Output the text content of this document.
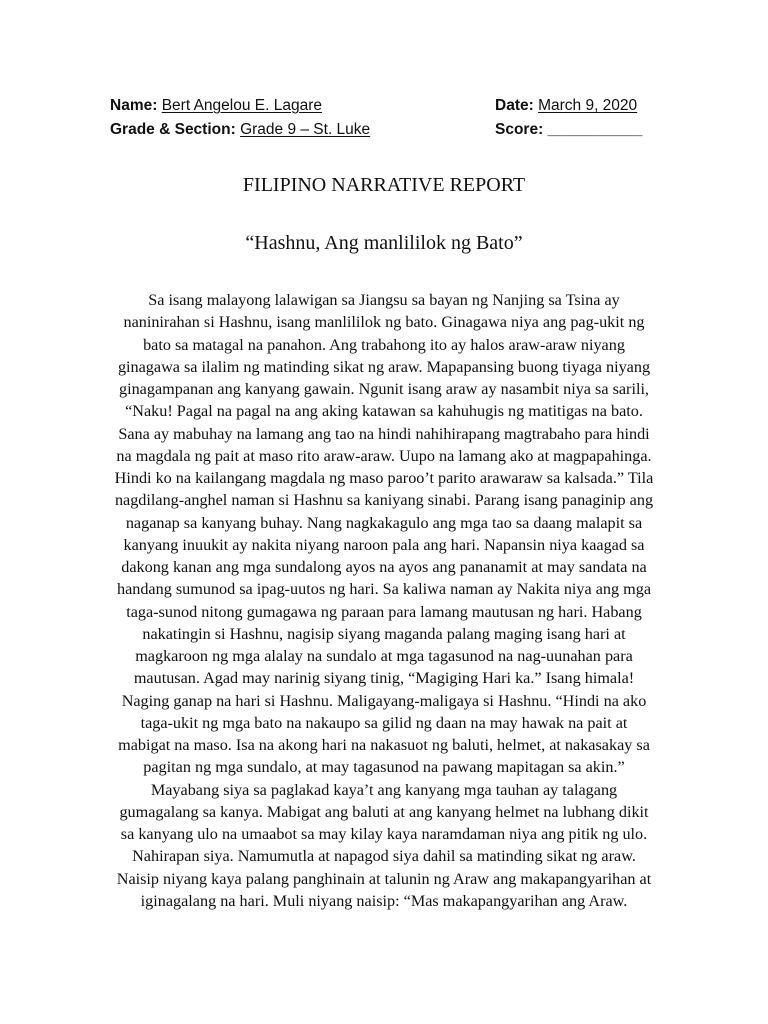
Name: Bert Angelou E. Lagare
Grade & Section: Grade 9 – St. Luke
Date: March 9, 2020
Score: ___________
FILIPINO NARRATIVE REPORT
“Hashnu, Ang manlililok ng Bato”

Sa isang malayong lalawigan sa Jiangsu sa bayan ng Nanjing sa Tsina ay
naninirahan si Hashnu, isang manlililok ng bato. Ginagawa niya ang pag-ukit ng
bato sa matagal na panahon. Ang trabahong ito ay halos araw-araw niyang
ginagawa sa ilalim ng matinding sikat ng araw. Mapapansing buong tiyaga niyang
ginagampanan ang kanyang gawain. Ngunit isang araw ay nasambit niya sa sarili,
“Naku! Pagal na pagal na ang aking katawan sa kahuhugis ng matitigas na bato.
Sana ay mabuhay na lamang ang tao na hindi nahihirapang magtrabaho para hindi
na magdala ng pait at maso rito araw-araw. Uupo na lamang ako at magpapahinga.
Hindi ko na kailangang magdala ng maso paroo’t parito arawaraw sa kalsada.” Tila
nagdilang-anghel naman si Hashnu sa kaniyang sinabi. Parang isang panaginip ang
naganap sa kanyang buhay. Nang nagkakagulo ang mga tao sa daang malapit sa
kanyang inuukit ay nakita niyang naroon pala ang hari. Napansin niya kaagad sa
dakong kanan ang mga sundalong ayos na ayos ang pananamit at may sandata na
handang sumunod sa ipag-uutos ng hari. Sa kaliwa naman ay Nakita niya ang mga
taga-sunod nitong gumagawa ng paraan para lamang mautusan ng hari. Habang
nakatingin si Hashnu, nagisip siyang maganda palang maging isang hari at
magkaroon ng mga alalay na sundalo at mga tagasunod na nag-uunahan para
mautusan. Agad may narinig siyang tinig, “Magiging Hari ka.” Isang himala!
Naging ganap na hari si Hashnu. Maligayang-maligaya si Hashnu. “Hindi na ako
taga-ukit ng mga bato na nakaupo sa gilid ng daan na may hawak na pait at
mabigat na maso. Isa na akong hari na nakasuot ng baluti, helmet, at nakasakay sa
pagitan ng mga sundalo, at may tagasunod na pawang mapitagan sa akin.”
Mayabang siya sa paglakad kaya’t ang kanyang mga tauhan ay talagang
gumagalang sa kanya. Mabigat ang baluti at ang kanyang helmet na lubhang dikit
sa kanyang ulo na umaabot sa may kilay kaya naramdaman niya ang pitik ng ulo.
Nahirapan siya. Namumutla at napagod siya dahil sa matinding sikat ng araw.
Naisip niyang kaya palang panghinain at talunin ng Araw ang makapangyarihan at
iginagalang na hari. Muli niyang naisip: “Mas makapangyarihan ang Araw.
